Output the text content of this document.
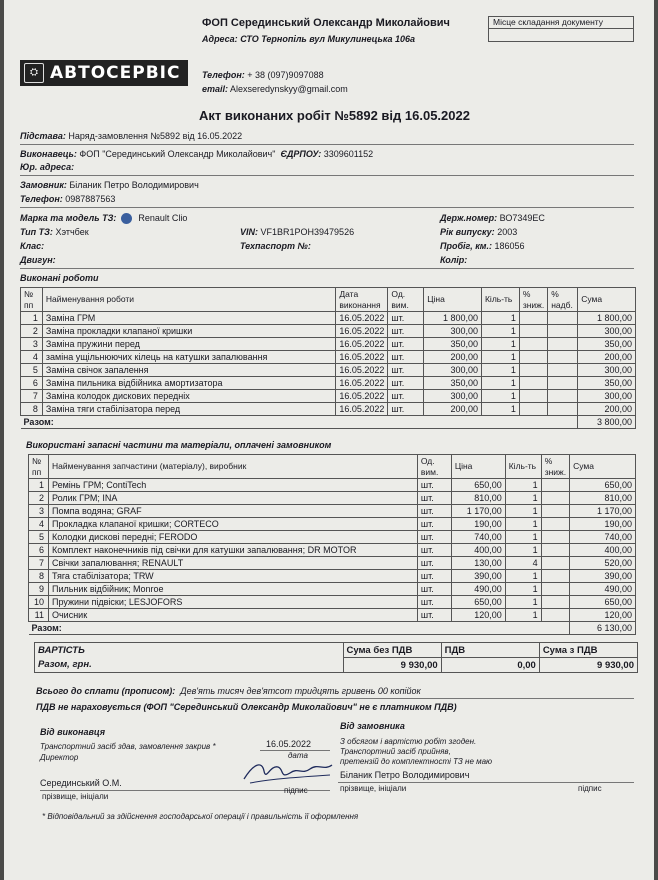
ФОП Серединський Олександр Миколайович
Адреса: СТО Тернопіль вул Микулинецька 106а
Місце складання документу
⛭ АВТОСЕРВІС Телефон: + 38 (097)9097088
email: Alexseredynskyy@gmail.com
Акт виконаних робіт №5892 від 16.05.2022
Підстава: Наряд-замовлення №5892 від 16.05.2022
Виконавець: ФОП "Серединський Олександр Миколайович" ЄДРПОУ: 3309601152
Юр. адреса:
Замовник: Біланик Петро Володимирович
Телефон: 0987887563
Марка та модель ТЗ: Renault Clio
Тип ТЗ: Хэтчбек
Клас:
Двигун:
VIN: VF1BR1POH39479526
Техпаспорт №:
Держ.номер: ВО7349ЕС
Рік випуску: 2003
Пробіг, км.: 186056
Колір:
Виконані роботи
№ пп	Найменування роботи	Дата виконання	Од. вим.	Ціна	Кіль-ть	% зниж.	% надб.	Сума
1	Заміна ГРМ	16.05.2022	шт.	1 800,00	1			1 800,00
2	Заміна прокладки клапаної кришки	16.05.2022	шт.	300,00	1			300,00
3	Заміна пружини перед	16.05.2022	шт.	350,00	1			350,00
4	заміна ущільнюючих кілець на катушки запалювання	16.05.2022	шт.	200,00	1			200,00
5	Заміна свічок запалення	16.05.2022	шт.	300,00	1			300,00
6	Заміна пильника відбійника амортизатора	16.05.2022	шт.	350,00	1			350,00
7	Заміна колодок дискових передніх	16.05.2022	шт.	300,00	1			300,00
8	Заміна тяги стабілізатора перед	16.05.2022	шт.	200,00	1			200,00
Разом:								3 800,00
Використані запасні частини та матеріали, оплачені замовником
№ пп	Найменування запчастини (матеріалу), виробник	Од. вим.	Ціна	Кіль-ть	% зниж.	Сума
1	Ремінь ГРМ; ContiTech	шт.	650,00	1		650,00
2	Ролик ГРМ; INA	шт.	810,00	1		810,00
3	Помпа водяна; GRAF	шт.	1 170,00	1		1 170,00
4	Прокладка клапаної кришки; CORTECO	шт.	190,00	1		190,00
5	Колодки дискові передні; FERODO	шт.	740,00	1		740,00
6	Комплект наконечників під свічки для катушки запалювання; DR MOTOR	шт.	400,00	1		400,00
7	Свічки запалювання; RENAULT	шт.	130,00	4		520,00
8	Тяга стабілізатора; TRW	шт.	390,00	1		390,00
9	Пильник відбійник; Monroe	шт.	490,00	1		490,00
10	Пружини підвіски; LESJOFORS	шт.	650,00	1		650,00
11	Очисник	шт.	120,00	1		120,00
Разом:						6 130,00
ВАРТІСТЬ	Сума без ПДВ	ПДВ	Сума з ПДВ
Разом, грн.	9 930,00	0,00	9 930,00
Всього до сплати (прописом): Дев'ять тисяч дев'ятсот тридцять гривень 00 копійок
ПДВ не нараховується (ФОП "Серединський Олександр Миколайович" не є платником ПДВ)
Від виконавця
Транспортний засіб здав, замовлення закрив *
Директор
16.05.2022
дата
Серединський О.М.
прізвище, ініціали
підпис
Від замовника
З обсягом і вартістю робіт згоден.
Транспортний засіб прийняв,
претензій до комплектності ТЗ не маю
Біланик Петро Володимирович
прізвище, ініціали	підпис
* Відповідальний за здійснення господарської операції і правильність її оформлення
